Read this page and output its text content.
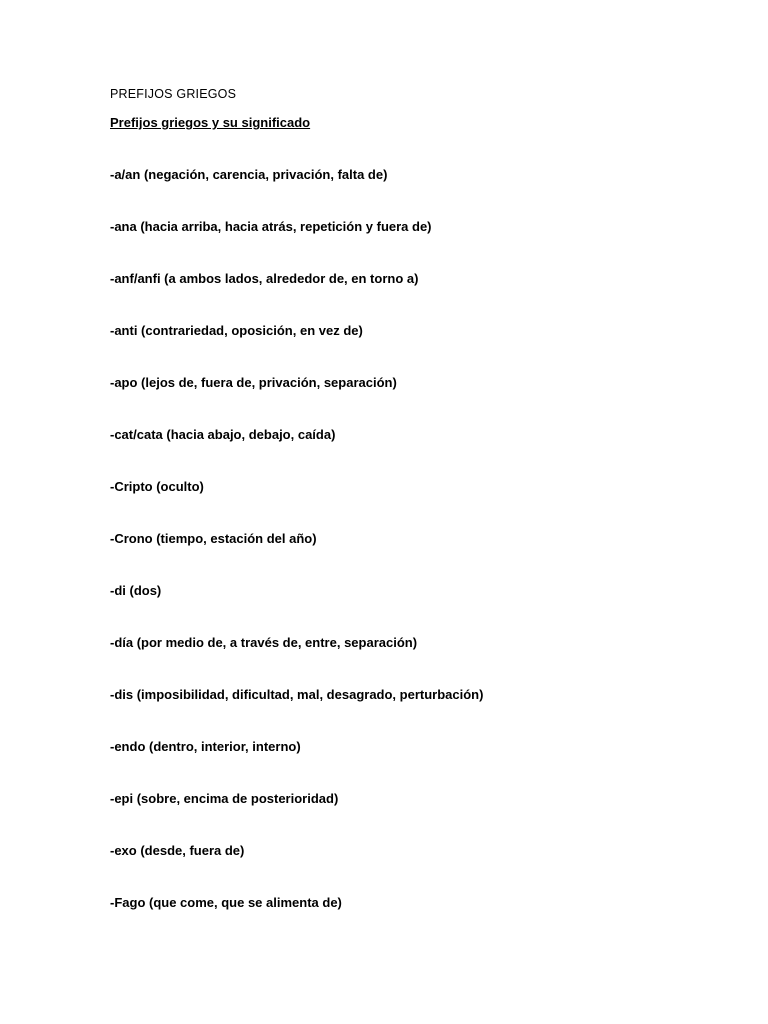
PREFIJOS GRIEGOS
Prefijos griegos y su significado
-a/an (negación, carencia, privación, falta de)
-ana (hacia arriba, hacia atrás, repetición y fuera de)
-anf/anfi (a ambos lados, alrededor de, en torno a)
-anti (contrariedad, oposición, en vez de)
-apo (lejos de, fuera de, privación, separación)
-cat/cata (hacia abajo, debajo, caída)
-Cripto (oculto)
-Crono (tiempo, estación del año)
-di (dos)
-día (por medio de, a través de, entre, separación)
-dis (imposibilidad, dificultad, mal, desagrado, perturbación)
-endo (dentro, interior, interno)
-epi (sobre, encima de posterioridad)
-exo (desde, fuera de)
-Fago (que come, que se alimenta de)
